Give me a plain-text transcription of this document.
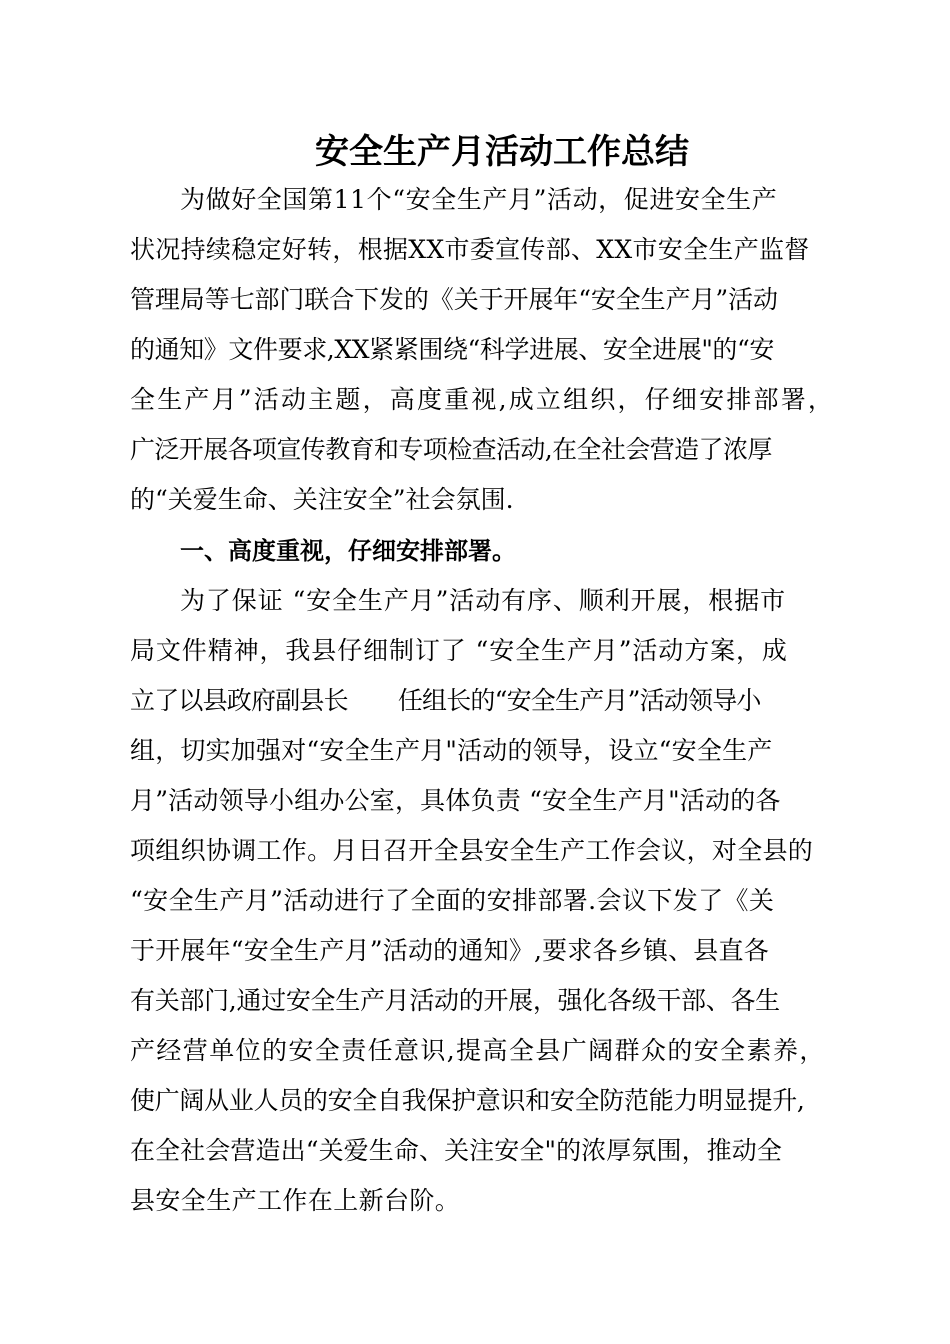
安全生产月活动工作总结

为做好全国第11个“安全生产月”活动，促进安全生产

状况持续稳定好转，根据XX市委宣传部、XX市安全生产监督

管理局等七部门联合下发的《关于开展年“安全生产月”活动

的通知》文件要求,XX紧紧围绕“科学进展、安全进展"的“安

全生产月”活动主题，高度重视,成立组织，仔细安排部署，

广泛开展各项宣传教育和专项检查活动,在全社会营造了浓厚

的“关爱生命、关注安全”社会氛围.

一、高度重视，仔细安排部署。

为了保证 “安全生产月”活动有序、顺利开展，根据市

局文件精神，我县仔细制订了 “安全生产月”活动方案，成

立了以县政府副县长       任组长的“安全生产月”活动领导小

组，切实加强对“安全生产月"活动的领导，设立“安全生产

月”活动领导小组办公室，具体负责 “安全生产月"活动的各

项组织协调工作。月日召开全县安全生产工作会议，对全县的

“安全生产月”活动进行了全面的安排部署.会议下发了《关

于开展年“安全生产月”活动的通知》,要求各乡镇、县直各

有关部门,通过安全生产月活动的开展，强化各级干部、各生

产经营单位的安全责任意识,提高全县广阔群众的安全素养，

使广阔从业人员的安全自我保护意识和安全防范能力明显提升,

在全社会营造出“关爱生命、关注安全"的浓厚氛围，推动全

县安全生产工作在上新台阶。
